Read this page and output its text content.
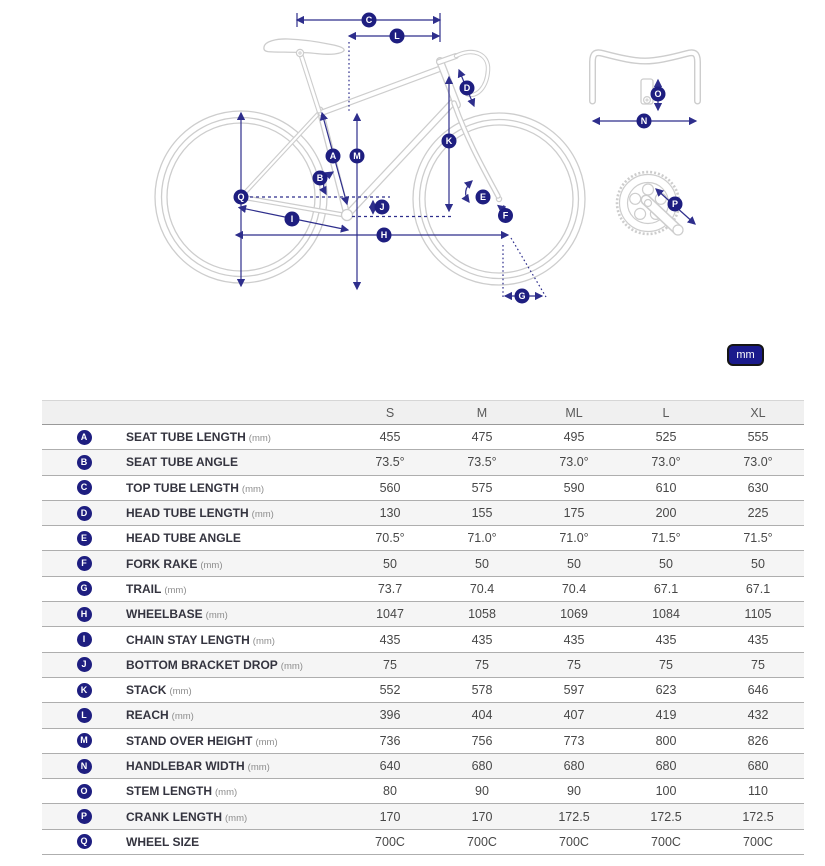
C
L
D
A M
B
K
Q	E
F
J
I
H
G
O
N
P
mm
S	M	ML	L	XL
A	SEAT TUBE LENGTH (mm)	455	475	495	525	555
B	SEAT TUBE ANGLE	73.5°	73.5°	73.0°	73.0°	73.0°
C	TOP TUBE LENGTH (mm)	560	575	590	610	630
D	HEAD TUBE LENGTH (mm)	130	155	175	200	225
E	HEAD TUBE ANGLE	70.5°	71.0°	71.0°	71.5°	71.5°
F	FORK RAKE (mm)	50	50	50	50	50
G	TRAIL (mm)	73.7	70.4	70.4	67.1	67.1
H	WHEELBASE (mm)	1047	1058	1069	1084	1105
I	CHAIN STAY LENGTH (mm)	435	435	435	435	435
J	BOTTOM BRACKET DROP (mm)	75	75	75	75	75
K	STACK (mm)	552	578	597	623	646
L	REACH (mm)	396	404	407	419	432
M	STAND OVER HEIGHT (mm)	736	756	773	800	826
N	HANDLEBAR WIDTH (mm)	640	680	680	680	680
O	STEM LENGTH (mm)	80	90	90	100	110
P	CRANK LENGTH (mm)	170	170	172.5	172.5	172.5
Q	WHEEL SIZE	700C	700C	700C	700C	700C
